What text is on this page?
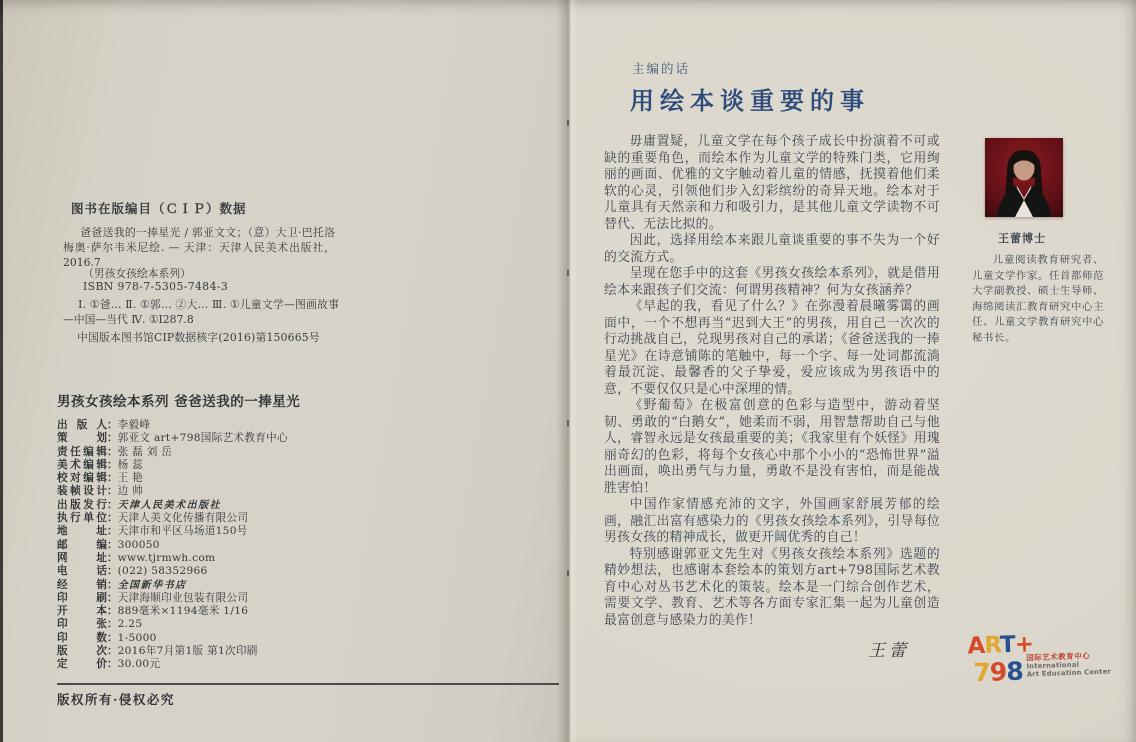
图书在版编目（ＣＩＰ）数据
爸爸送我的一捧星光 / 郭亚文文；（意）大卫·巴托洛梅奥·萨尔韦米尼绘. — 天津：天津人民美术出版社，2016.7
（男孩女孩绘本系列）
ISBN 978-7-5305-7484-3
Ⅰ. ①爸… Ⅱ. ①郭… ②大… Ⅲ. ①儿童文学—图画故事—中国—当代 Ⅳ. ①I287.8
中国版本图书馆CIP数据核字(2016)第150665号
男孩女孩绘本系列 爸爸送我的一捧星光
出版人：李毅峰
策划：郭亚文 art+798国际艺术教育中心
责任编辑：张 磊 刘 岳
美术编辑：杨 蕊
校对编辑：王 艳
装帧设计：边 帅
出版发行：天津人民美术出版社
执行单位：天津人美文化传播有限公司
地址：天津市和平区马场道150号
邮编：300050
网址：www.tjrmwh.com
电话：(022) 58352966
经销：全国新华书店
印刷：天津海顺印业包装有限公司
开本：889毫米×1194毫米 1/16
印张：2.25
印数：1-5000
版次：2016年7月第1版 第1次印刷
定价：30.00元
版权所有·侵权必究
主编的话
用绘本谈重要的事

毋庸置疑，儿童文学在每个孩子成长中扮演着不可或缺的重要角色，而绘本作为儿童文学的特殊门类，它用绚丽的画面、优雅的文字触动着儿童的情感，抚摸着他们柔软的心灵，引领他们步入幻彩缤纷的奇异天地。绘本对于儿童具有天然亲和力和吸引力，是其他儿童文学读物不可替代、无法比拟的。

因此，选择用绘本来跟儿童谈重要的事不失为一个好的交流方式。

呈现在您手中的这套《男孩女孩绘本系列》，就是借用绘本来跟孩子们交流：何谓男孩精神？何为女孩涵养？

《早起的我，看见了什么？》在弥漫着晨曦雾霭的画面中，一个不想再当“迟到大王”的男孩，用自己一次次的行动挑战自己，兑现男孩对自己的承诺；《爸爸送我的一捧星光》在诗意铺陈的笔触中，每一个字、每一处词都流淌着最沉淀、最馨香的父子挚爱，爱应该成为男孩语中的意，不要仅仅只是心中深埋的情。

《野葡萄》在极富创意的色彩与造型中，游动着坚韧、勇敢的“白鹅女”，她柔而不弱，用智慧帮助自己与他人，睿智永远是女孩最重要的美；《我家里有个妖怪》用瑰丽奇幻的色彩，将每个女孩心中那个小小的“恐怖世界”溢出画面，唤出勇气与力量，勇敢不是没有害怕，而是能战胜害怕！

中国作家情感充沛的文字，外国画家舒展芳郁的绘画，融汇出富有感染力的《男孩女孩绘本系列》，引导每位男孩女孩的精神成长，做更开阔优秀的自己！

特别感谢郭亚文先生对《男孩女孩绘本系列》选题的精妙想法，也感谢本套绘本的策划方art+798国际艺术教育中心对丛书艺术化的策装。绘本是一门综合创作艺术，需要文学、教育、艺术等各方面专家汇集一起为儿童创造最富创意与感染力的美作！

王蕾博士
儿童阅读教育研究者、儿童文学作家。任首都师范大学副教授、硕士生导师、海绵阅读汇教育研究中心主任、儿童文学教育研究中心秘书长。
王蕾 ART+
798 国际艺术教育中心
International
Art Education Center
